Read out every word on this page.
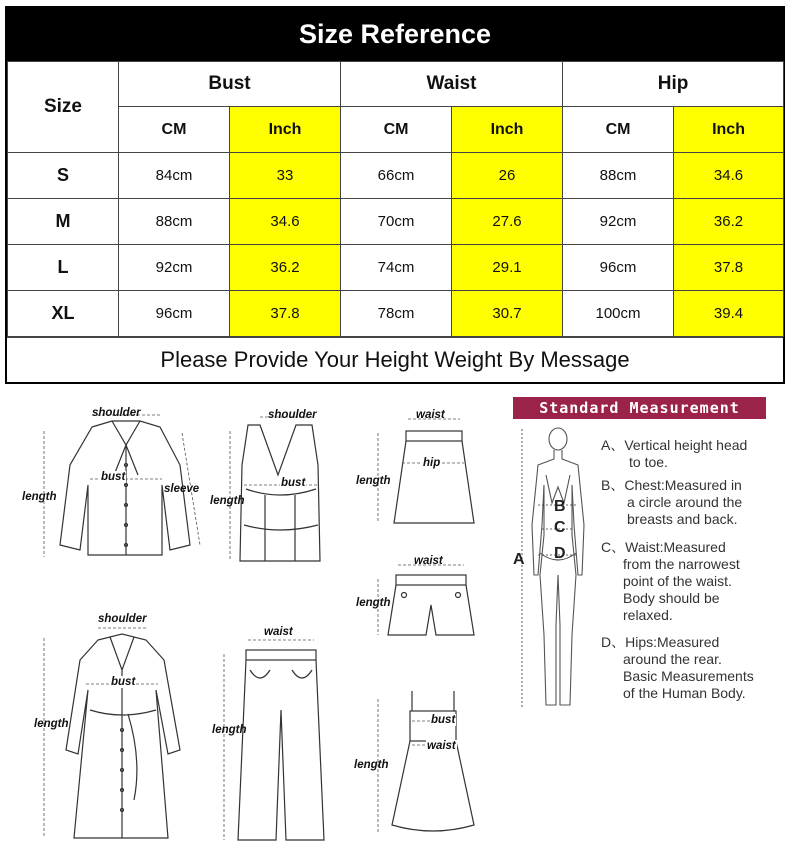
Size Reference
Size	Bust		Waist		Hip	
	CM	Inch	CM	Inch	CM	Inch
S	84cm	33	66cm	26	88cm	34.6
M	88cm	34.6	70cm	27.6	92cm	36.2
L	92cm	36.2	74cm	29.1	96cm	37.8
XL	96cm	37.8	78cm	30.7	100cm	39.4
Please Provide Your Height Weight By Message
shoulder
bust
sleeve
length
shoulder
bust
length
waist
hip
length
waist
length
shoulder
bust
length
waist
length
bust
waist
length
Standard Measurement
B
C
D
A
A、Vertical height head
to toe.
B、Chest:Measured in
a circle around the
breasts and back.
C、Waist:Measured
from the narrowest
point of the waist.
Body should be
relaxed.
D、Hips:Measured
around the rear.
Basic Measurements
of the Human Body.
